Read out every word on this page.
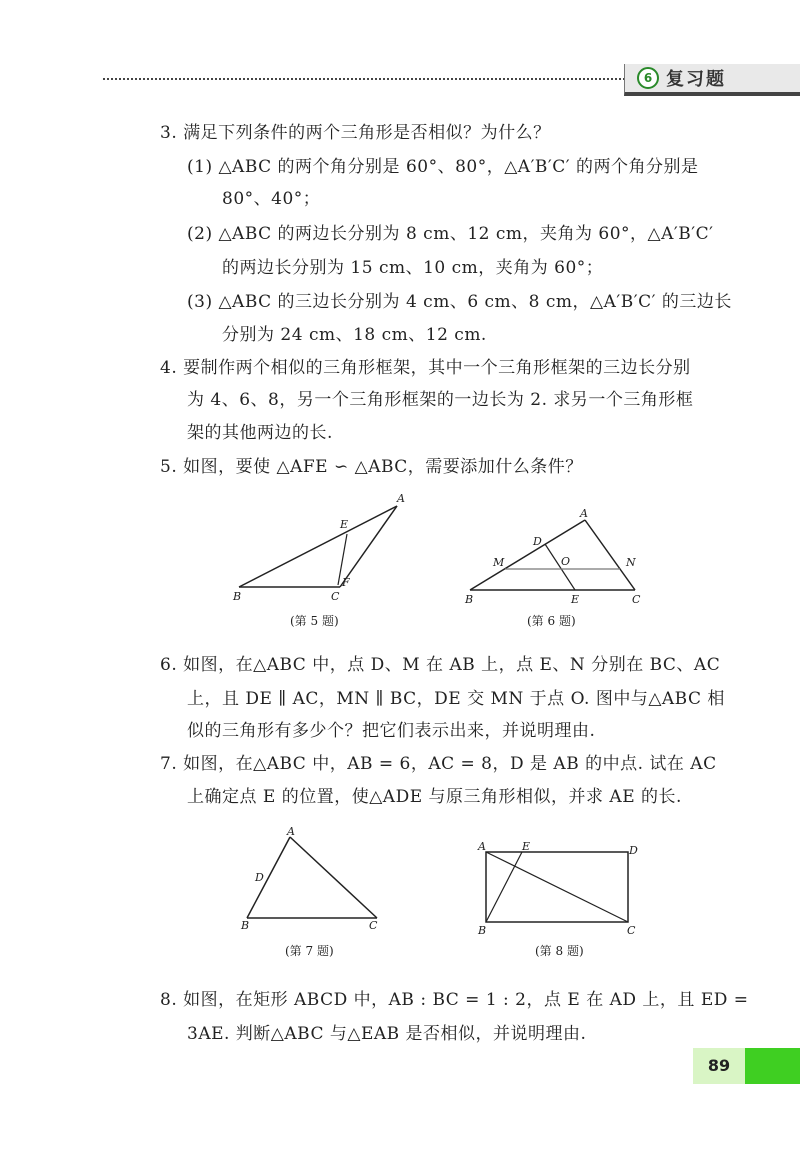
6 复习题
3. 满足下列条件的两个三角形是否相似？为什么？
(1) △ABC 的两个角分别是 60°、80°，△A′B′C′ 的两个角分别是
80°、40°；
(2) △ABC 的两边长分别为 8 cm、12 cm，夹角为 60°，△A′B′C′
的两边长分别为 15 cm、10 cm，夹角为 60°；
(3) △ABC 的三边长分别为 4 cm、6 cm、8 cm，△A′B′C′ 的三边长
分别为 24 cm、18 cm、12 cm.
4. 要制作两个相似的三角形框架，其中一个三角形框架的三边长分别
为 4、6、8，另一个三角形框架的一边长为 2. 求另一个三角形框
架的其他两边的长.
5. 如图，要使 △AFE ∽ △ABC，需要添加什么条件？
A
E
F
B	C
(第 5 题)
A
D
M	O	N
B	E	C
(第 6 题)
6. 如图，在△ABC 中，点 D、M 在 AB 上，点 E、N 分别在 BC、AC
上，且 DE ∥ AC，MN ∥ BC，DE 交 MN 于点 O. 图中与△ABC 相
似的三角形有多少个？把它们表示出来，并说明理由.
7. 如图，在△ABC 中，AB = 6，AC = 8，D 是 AB 的中点. 试在 AC
上确定点 E 的位置，使△ADE 与原三角形相似，并求 AE 的长.
A
D
B	C
(第 7 题)
A	E	D
B	C
(第 8 题)
8. 如图，在矩形 ABCD 中，AB : BC = 1 : 2，点 E 在 AD 上，且 ED =
3AE. 判断△ABC 与△EAB 是否相似，并说明理由.
89
